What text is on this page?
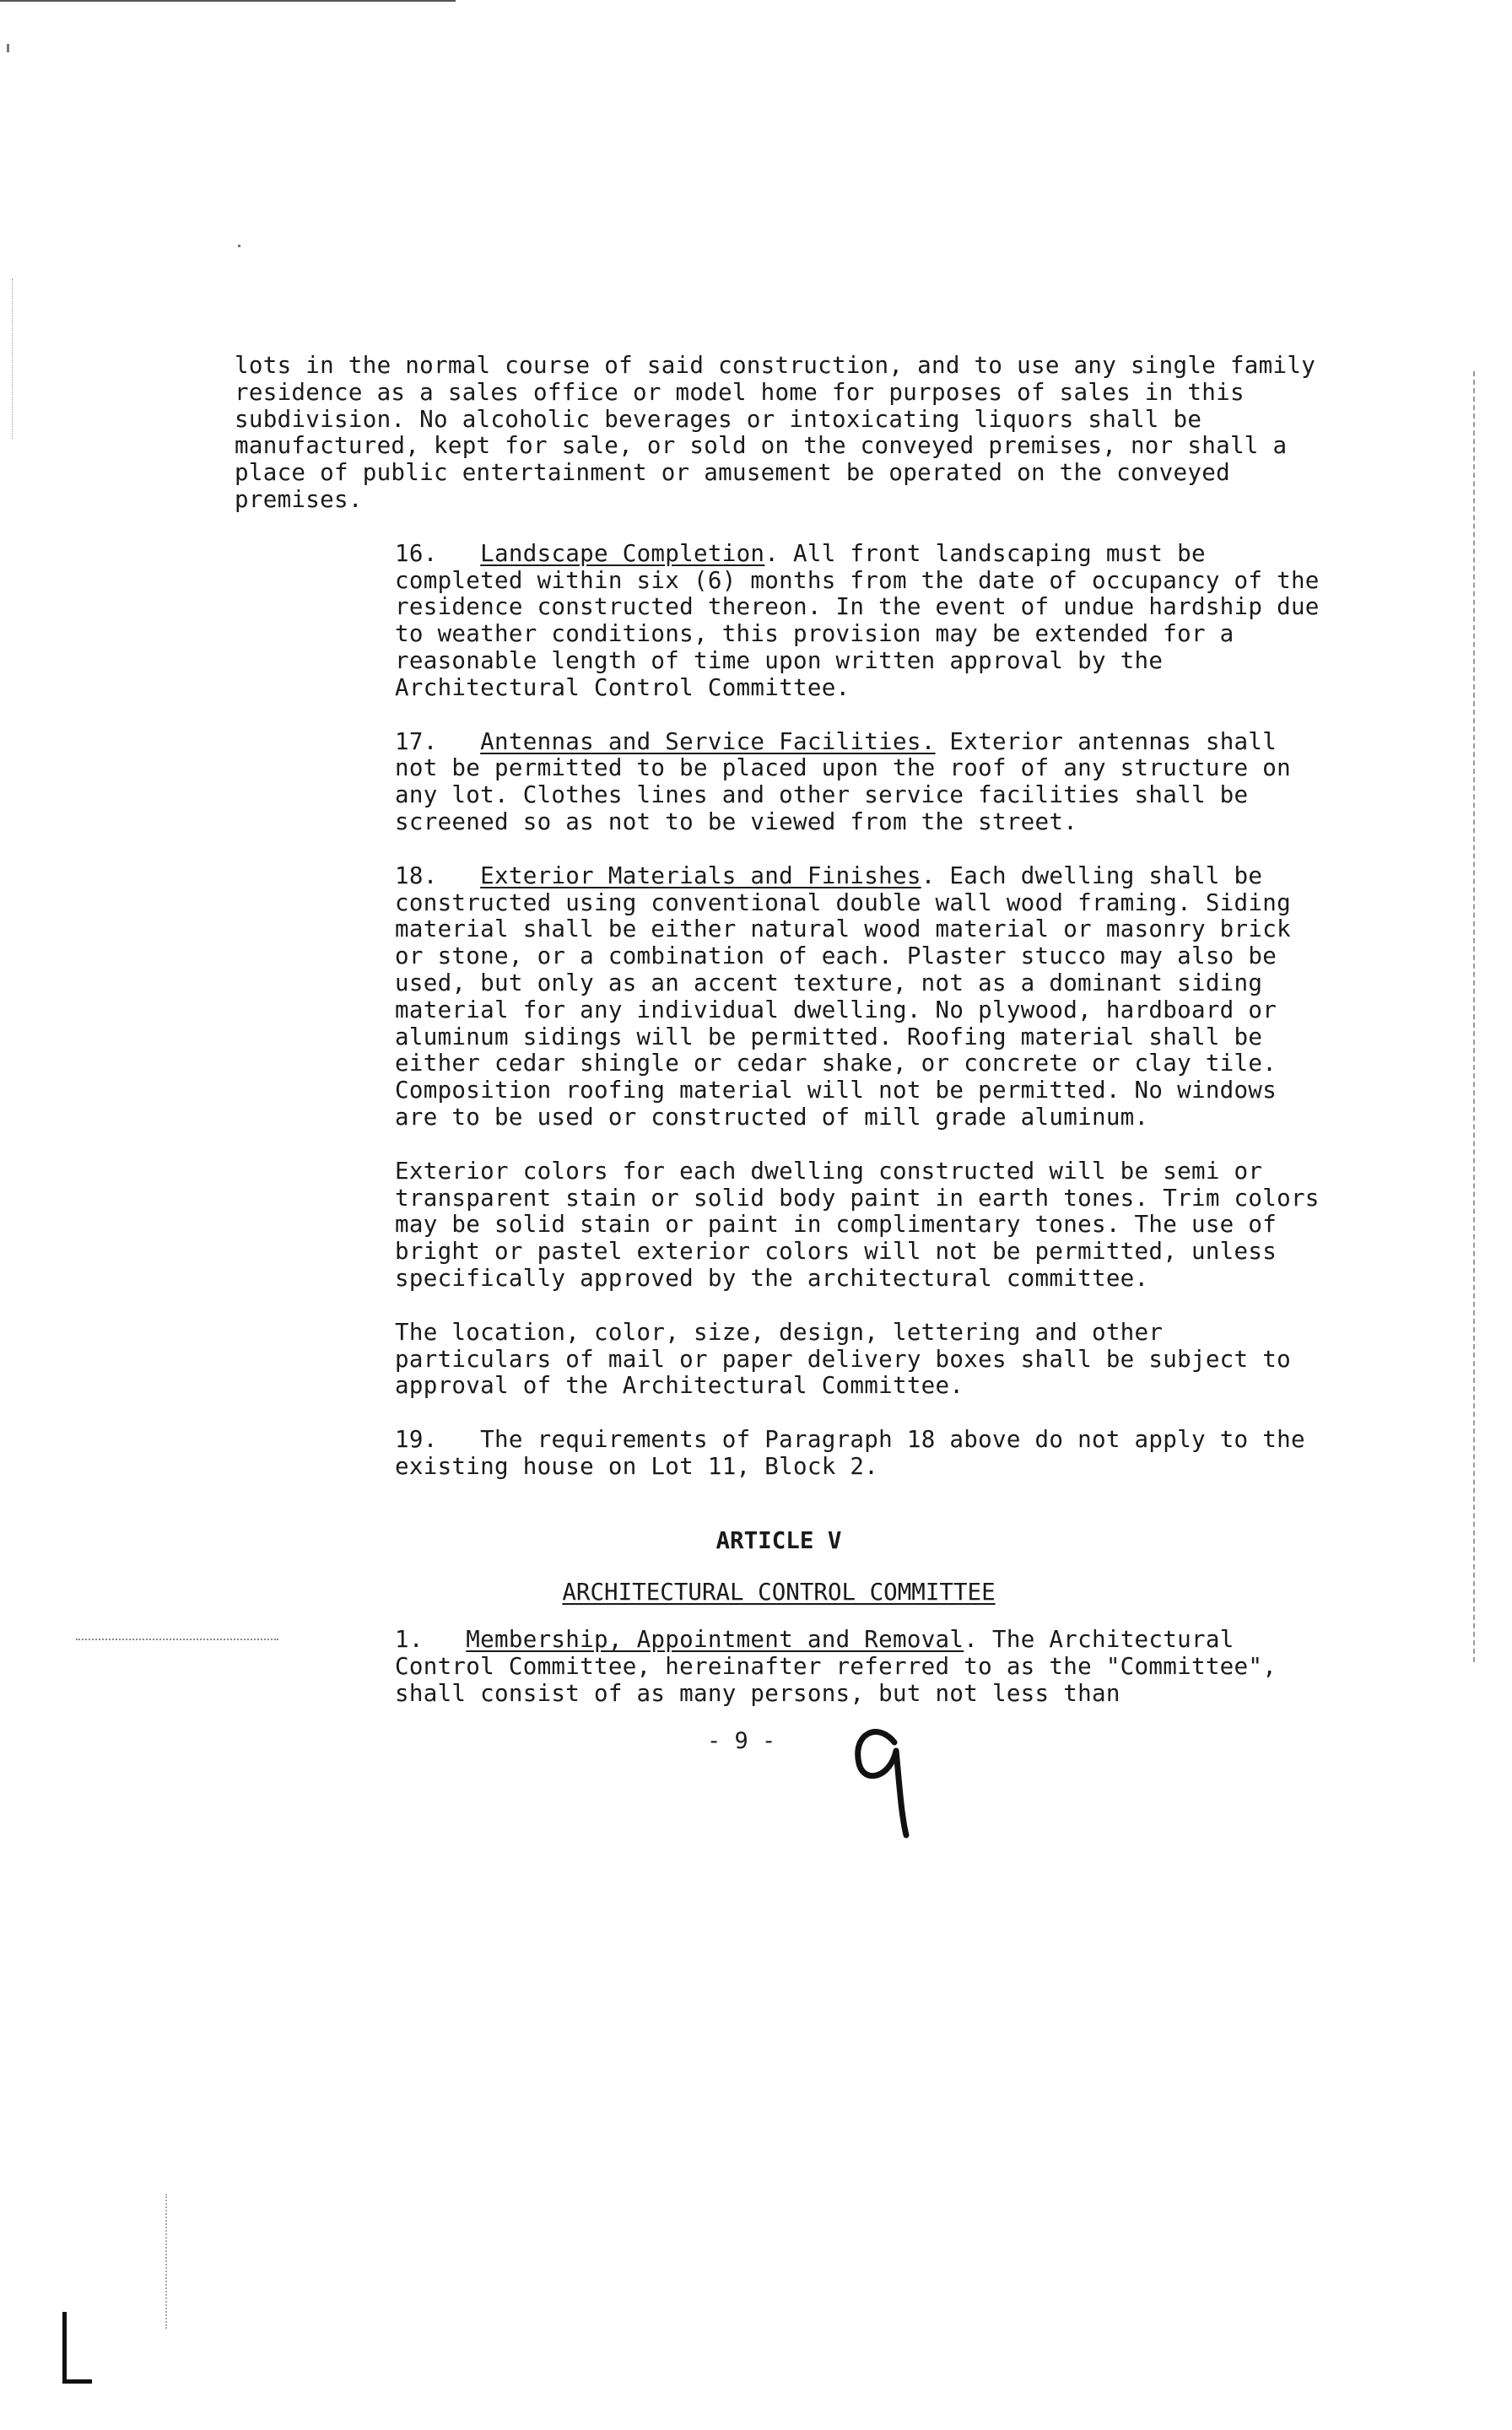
lots in the normal course of said construction, and to use any single family residence as a sales office or model home for purposes of sales in this subdivision. No alcoholic beverages or intoxicating liquors shall be manufactured, kept for sale, or sold on the conveyed premises, nor shall a place of public entertainment or amusement be operated on the conveyed premises.

16. Landscape Completion. All front landscaping must be completed within six (6) months from the date of occupancy of the residence constructed thereon. In the event of undue hardship due to weather conditions, this provision may be extended for a reasonable length of time upon written approval by the Architectural Control Committee.

17. Antennas and Service Facilities. Exterior antennas shall not be permitted to be placed upon the roof of any structure on any lot. Clothes lines and other service facilities shall be screened so as not to be viewed from the street.

18. Exterior Materials and Finishes. Each dwelling shall be constructed using conventional double wall wood framing. Siding material shall be either natural wood material or masonry brick or stone, or a combination of each. Plaster stucco may also be used, but only as an accent texture, not as a dominant siding material for any individual dwelling. No plywood, hardboard or aluminum sidings will be permitted. Roofing material shall be either cedar shingle or cedar shake, or concrete or clay tile. Composition roofing material will not be permitted. No windows are to be used or constructed of mill grade aluminum.

Exterior colors for each dwelling constructed will be semi or transparent stain or solid body paint in earth tones. Trim colors may be solid stain or paint in complimentary tones. The use of bright or pastel exterior colors will not be permitted, unless specifically approved by the architectural committee.

The location, color, size, design, lettering and other particulars of mail or paper delivery boxes shall be subject to approval of the Architectural Committee.

19. The requirements of Paragraph 18 above do not apply to the existing house on Lot 11, Block 2.

ARTICLE V

ARCHITECTURAL CONTROL COMMITTEE

1. Membership, Appointment and Removal. The Architectural Control Committee, hereinafter referred to as the "Committee", shall consist of as many persons, but not less than

- 9 -
